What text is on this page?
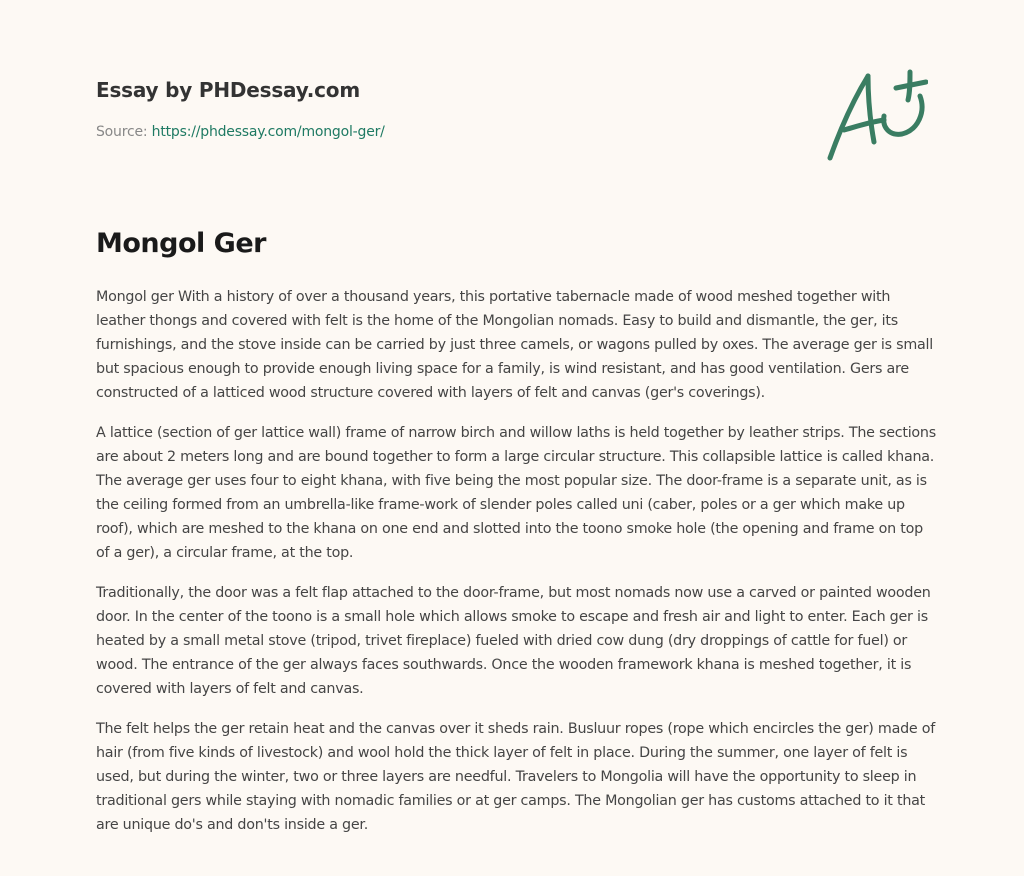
Essay by PHDessay.com
Source: https://phdessay.com/mongol-ger/
Mongol Ger

Mongol ger With a history of over a thousand years, this portative tabernacle made of wood meshed together with leather thongs and covered with felt is the home of the Mongolian nomads. Easy to build and dismantle, the ger, its furnishings, and the stove inside can be carried by just three camels, or wagons pulled by oxes. The average ger is small but spacious enough to provide enough living space for a family, is wind resistant, and has good ventilation. Gers are constructed of a latticed wood structure covered with layers of felt and canvas (ger's coverings).

A lattice (section of ger lattice wall) frame of narrow birch and willow laths is held together by leather strips. The sections are about 2 meters long and are bound together to form a large circular structure. This collapsible lattice is called khana. The average ger uses four to eight khana, with five being the most popular size. The door-frame is a separate unit, as is the ceiling formed from an umbrella-like frame-work of slender poles called uni (caber, poles or a ger which make up roof), which are meshed to the khana on one end and slotted into the toono smoke hole (the opening and frame on top of a ger), a circular frame, at the top.

Traditionally, the door was a felt flap attached to the door-frame, but most nomads now use a carved or painted wooden door. In the center of the toono is a small hole which allows smoke to escape and fresh air and light to enter. Each ger is heated by a small metal stove (tripod, trivet fireplace) fueled with dried cow dung (dry droppings of cattle for fuel) or wood. The entrance of the ger always faces southwards. Once the wooden framework khana is meshed together, it is covered with layers of felt and canvas.

The felt helps the ger retain heat and the canvas over it sheds rain. Busluur ropes (rope which encircles the ger) made of hair (from five kinds of livestock) and wool hold the thick layer of felt in place. During the summer, one layer of felt is used, but during the winter, two or three layers are needful. Travelers to Mongolia will have the opportunity to sleep in traditional gers while staying with nomadic families or at ger camps. The Mongolian ger has customs attached to it that are unique do's and don'ts inside a ger.
